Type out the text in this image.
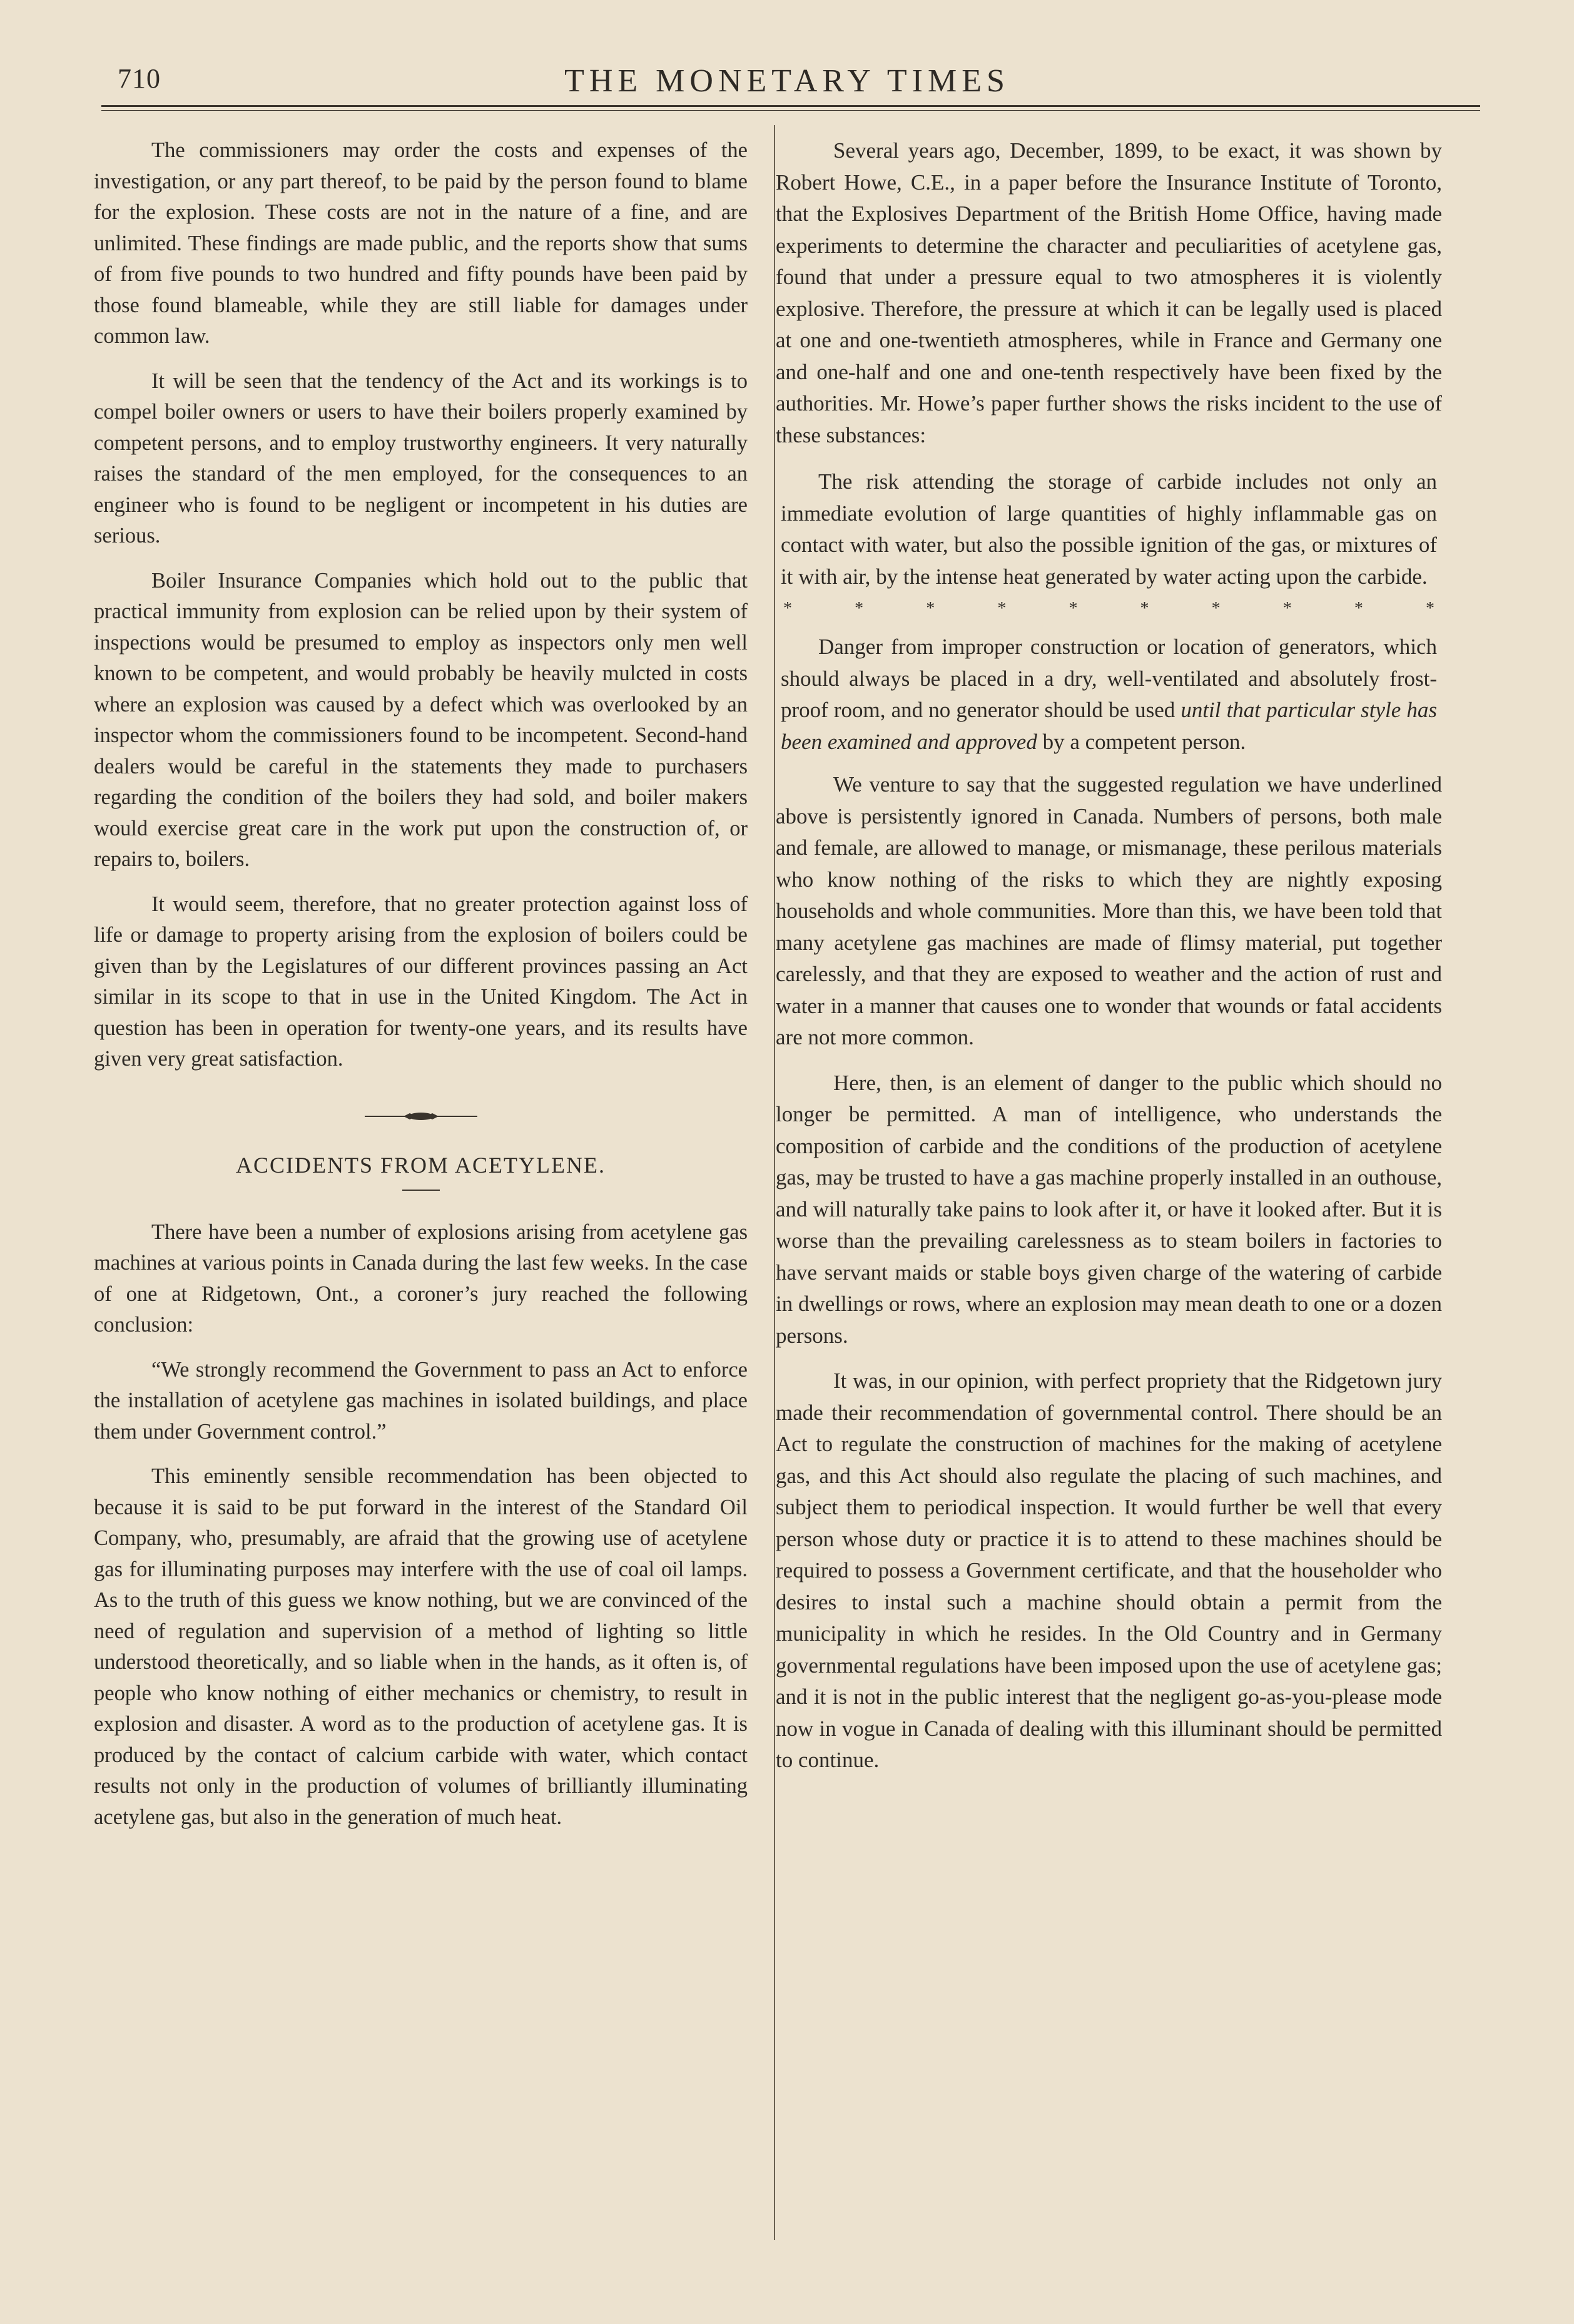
710	THE MONETARY TIMES

The commissioners may order the costs and expenses of the investigation, or any part thereof, to be paid by the person found to blame for the explosion. These costs are not in the nature of a fine, and are unlimited. These findings are made public, and the reports show that sums of from five pounds to two hundred and fifty pounds have been paid by those found blameable, while they are still liable for damages under common law.

It will be seen that the tendency of the Act and its workings is to compel boiler owners or users to have their boilers properly examined by competent persons, and to employ trustworthy engineers. It very naturally raises the standard of the men employed, for the consequences to an engineer who is found to be negligent or incompetent in his duties are serious.

Boiler Insurance Companies which hold out to the public that practical immunity from explosion can be relied upon by their system of inspections would be presumed to employ as inspectors only men well known to be competent, and would probably be heavily mulcted in costs where an explosion was caused by a defect which was overlooked by an inspector whom the commissioners found to be incompetent. Second-hand dealers would be careful in the statements they made to purchasers regarding the condition of the boilers they had sold, and boiler makers would exercise great care in the work put upon the construction of, or repairs to, boilers.

It would seem, therefore, that no greater protection against loss of life or damage to property arising from the explosion of boilers could be given than by the Legislatures of our different provinces passing an Act similar in its scope to that in use in the United Kingdom. The Act in question has been in operation for twenty-one years, and its results have given very great satisfaction.

ACCIDENTS FROM ACETYLENE.

There have been a number of explosions arising from acetylene gas machines at various points in Canada during the last few weeks. In the case of one at Ridgetown, Ont., a coroner’s jury reached the following conclusion:

“We strongly recommend the Government to pass an Act to enforce the installation of acetylene gas machines in isolated buildings, and place them under Government control.”

This eminently sensible recommendation has been objected to because it is said to be put forward in the interest of the Standard Oil Company, who, presumably, are afraid that the growing use of acetylene gas for illuminating purposes may interfere with the use of coal oil lamps. As to the truth of this guess we know nothing, but we are convinced of the need of regulation and supervision of a method of lighting so little understood theoretically, and so liable when in the hands, as it often is, of people who know nothing of either mechanics or chemistry, to result in explosion and disaster. A word as to the production of acetylene gas. It is produced by the contact of calcium carbide with water, which contact results not only in the production of volumes of brilliantly illuminating acetylene gas, but also in the generation of much heat.

Several years ago, December, 1899, to be exact, it was shown by Robert Howe, C.E., in a paper before the Insurance Institute of Toronto, that the Explosives Department of the British Home Office, having made experiments to determine the character and peculiarities of acetylene gas, found that under a pressure equal to two atmospheres it is violently explosive. Therefore, the pressure at which it can be legally used is placed at one and one-twentieth atmospheres, while in France and Germany one and one-half and one and one-tenth respectively have been fixed by the authorities. Mr. Howe’s paper further shows the risks incident to the use of these substances:

The risk attending the storage of carbide includes not only an immediate evolution of large quantities of highly inflammable gas on contact with water, but also the possible ignition of the gas, or mixtures of it with air, by the intense heat generated by water acting upon the carbide.

*	*	*	*	*	*	*	*	*	*

Danger from improper construction or location of generators, which should always be placed in a dry, well-ventilated and absolutely frost-proof room, and no generator should be used until that particular style has been examined and approved by a competent person.

We venture to say that the suggested regulation we have underlined above is persistently ignored in Canada. Numbers of persons, both male and female, are allowed to manage, or mismanage, these perilous materials who know nothing of the risks to which they are nightly exposing households and whole communities. More than this, we have been told that many acetylene gas machines are made of flimsy material, put together carelessly, and that they are exposed to weather and the action of rust and water in a manner that causes one to wonder that wounds or fatal accidents are not more common.

Here, then, is an element of danger to the public which should no longer be permitted. A man of intelligence, who understands the composition of carbide and the conditions of the production of acetylene gas, may be trusted to have a gas machine properly installed in an outhouse, and will naturally take pains to look after it, or have it looked after. But it is worse than the prevailing carelessness as to steam boilers in factories to have servant maids or stable boys given charge of the watering of carbide in dwellings or rows, where an explosion may mean death to one or a dozen persons.

It was, in our opinion, with perfect propriety that the Ridgetown jury made their recommendation of governmental control. There should be an Act to regulate the construction of machines for the making of acetylene gas, and this Act should also regulate the placing of such machines, and subject them to periodical inspection. It would further be well that every person whose duty or practice it is to attend to these machines should be required to possess a Government certificate, and that the householder who desires to instal such a machine should obtain a permit from the municipality in which he resides. In the Old Country and in Germany governmental regulations have been imposed upon the use of acetylene gas; and it is not in the public interest that the negligent go-as-you-please mode now in vogue in Canada of dealing with this illuminant should be permitted to continue.
